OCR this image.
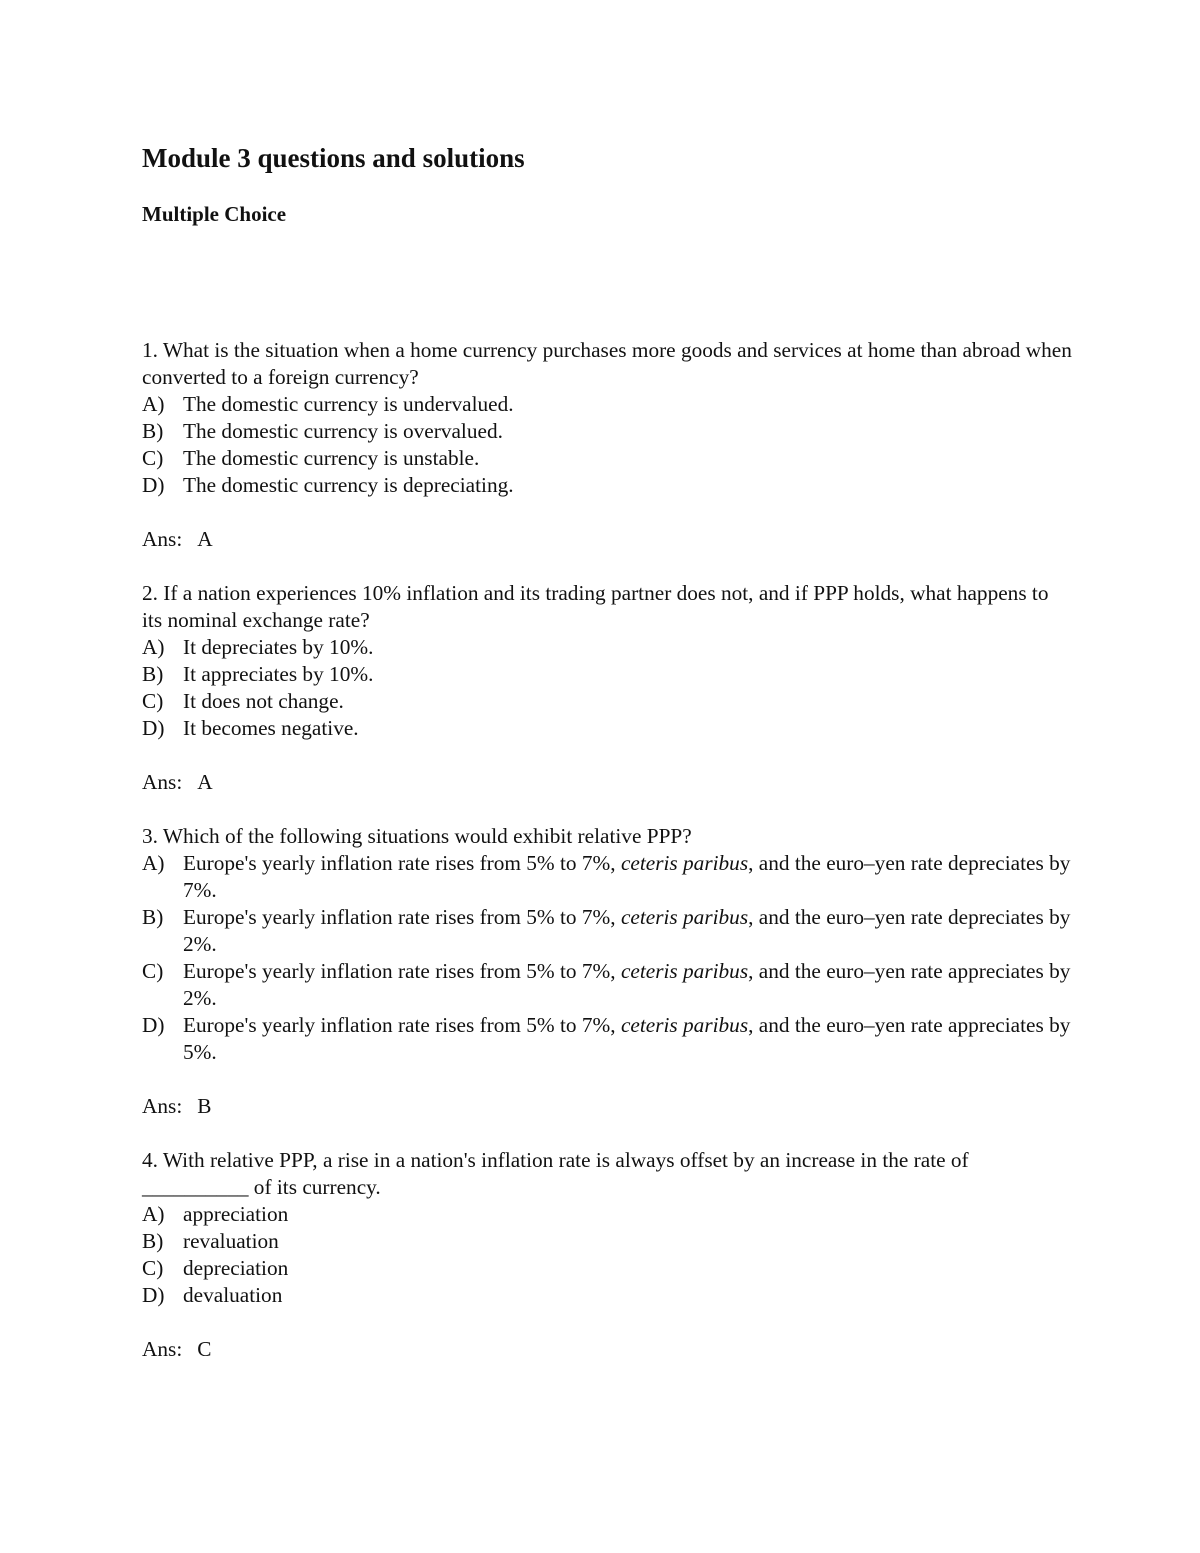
Module 3 questions and solutions
Multiple Choice

1. What is the situation when a home currency purchases more goods and services at home than abroad when converted to a foreign currency?

A) The domestic currency is undervalued.

B) The domestic currency is overvalued.

C) The domestic currency is unstable.

D) The domestic currency is depreciating.

Ans: A

2. If a nation experiences 10% inflation and its trading partner does not, and if PPP holds, what happens to its nominal exchange rate?

A) It depreciates by 10%.

B) It appreciates by 10%.

C) It does not change.

D) It becomes negative.

Ans: A

3. Which of the following situations would exhibit relative PPP?

A) Europe's yearly inflation rate rises from 5% to 7%, ceteris paribus, and the euro–yen rate depreciates by 7%.

B) Europe's yearly inflation rate rises from 5% to 7%, ceteris paribus, and the euro–yen rate depreciates by 2%.

C) Europe's yearly inflation rate rises from 5% to 7%, ceteris paribus, and the euro–yen rate appreciates by 2%.

D) Europe's yearly inflation rate rises from 5% to 7%, ceteris paribus, and the euro–yen rate appreciates by 5%.

Ans: B

4. With relative PPP, a rise in a nation's inflation rate is always offset by an increase in the rate of __________ of its currency.

A) appreciation

B) revaluation

C) depreciation

D) devaluation

Ans: C
